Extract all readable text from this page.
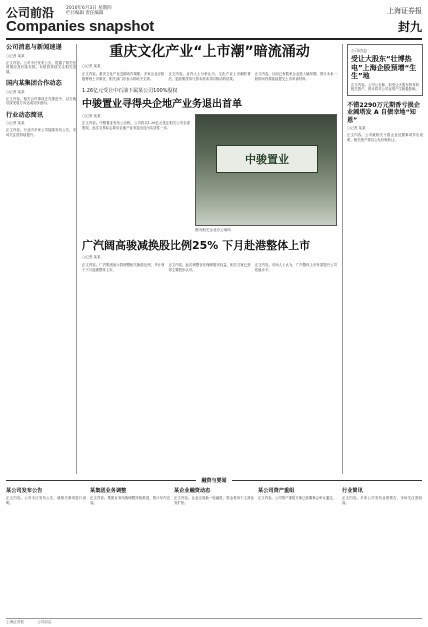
公司前沿	2010年6月3日 星期四
栏目编辑 责任编辑
Companies snapshot
上海证券报
封九
公司消息与新闻速递
○记者 某某
正文内容。公司今日发布公告，披露了相关经营情况及后续安排。本报将持续关注相关进展。
国内某集团合作动态
○记者 某某
正文内容。相关合作事项正在推进中，双方就后续发展方向达成初步意向。
行业动态简讯
○记者 某某
正文内容。行业内多家公司陆续发布公告，市场关注度持续提升。
重庆文化产业“上市潮”暗流涌动
○记者 某某
正文内容。重庆文化产业近期动作频繁，多家企业正积极筹划上市事宜，相关部门亦表示将给予支持。
正文内容。业内人士分析认为，文化产业上市潮的背后，是政策扶持与资本需求共同推动的结果。
正文内容。目前已有数家企业进入辅导期，预计未来一段时间内将陆续提交上市申请材料。
1.26亿元受让中石油下属某公司100%股权
中骏置业寻得央企地产业务退出首单
○记者 某某
正文内容。中骏置业发布公告称，公司将以1.26亿元受让相关公司全部股权，此次交易标志着央企地产业务退出迈出实质性一步。
中骏置业
图为相关企业办公场所
广汽阔高骏减换股比例25% 下月赴港整体上市
○记者 某某
正文内容。广汽集团表示将调整相关换股比例，并计划于下月赴港整体上市。
正文内容。此次调整旨在保障股东权益，相关方案已获得主要股东认可。
正文内容。市场人士认为，广汽整体上市有望提升公司估值水平。
公司动态
受让大股东“壮博热电”上海企股预增“生生”地
正文内容。公司公告称，拟受让大股东持有的相关资产，预计将对公司业绩产生积极影响。
不错2290万元期香亏损企业阔塔发 A 自债幸地“知恩”
○记者 某某
正文内容。公司就相关亏损企业处置事项作出说明，相关资产将以公允价格转让。
融资与要闻
某公司发布公告
正文内容。公司今日发布公告，就相关事项进行说明。
某集团业务调整
正文内容。集团业务结构调整持续推进，预计年内完成。
某企业融资动态
正文内容。企业完成新一轮融资，资金将用于主营业务扩张。
某公司资产重组
正文内容。公司资产重组方案已获董事会审议通过。
行业简讯
正文内容。多家公司发布业绩预告，市场关注度较高。
上海证券报	公司前沿
